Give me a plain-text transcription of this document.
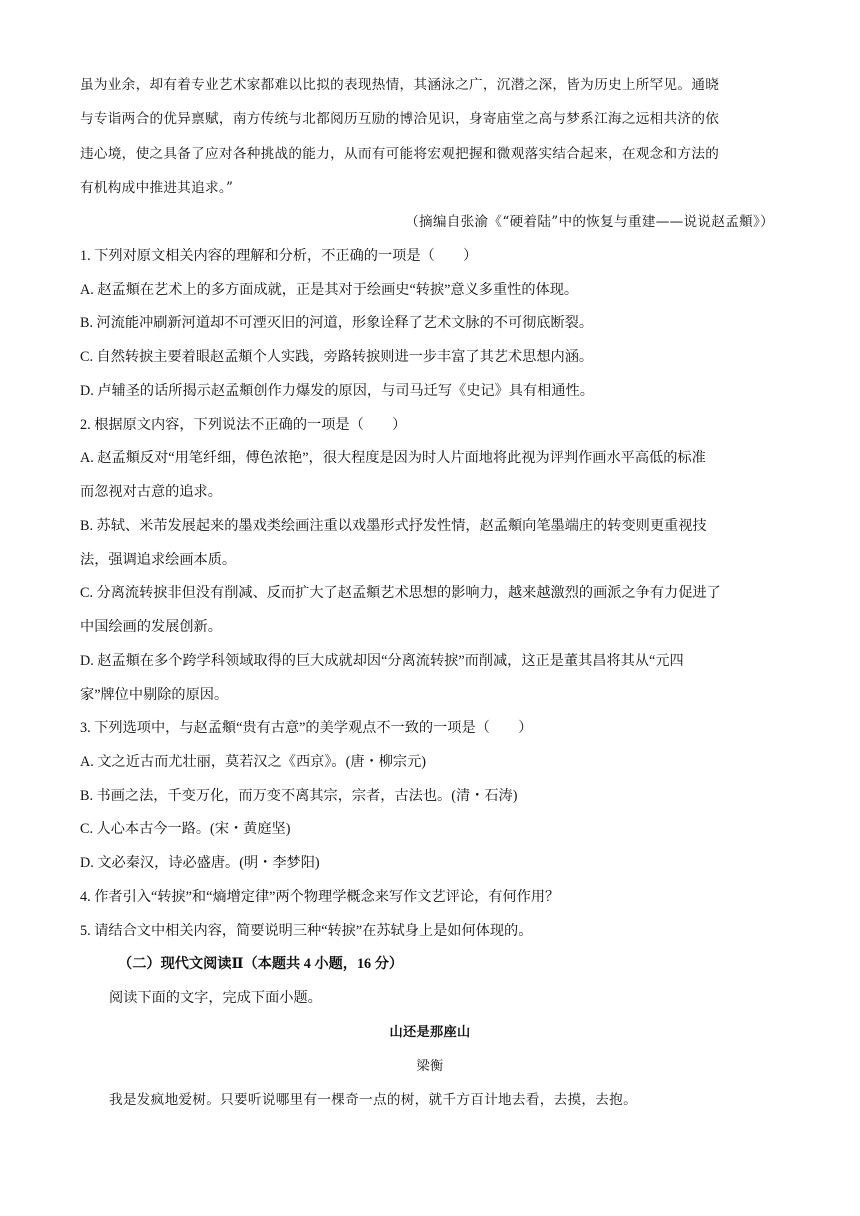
虽为业余，却有着专业艺术家都难以比拟的表现热情，其涵泳之广，沉潜之深，皆为历史上所罕见。通晓
与专诣两合的优异禀赋，南方传统与北都阅历互励的博洽见识，身寄庙堂之高与梦系江海之远相共济的依
违心境，使之具备了应对各种挑战的能力，从而有可能将宏观把握和微观落实结合起来，在观念和方法的
有机构成中推进其追求。”
（摘编自张渝《“硬着陆”中的恢复与重建——说说赵孟頫》）
1. 下列对原文相关内容的理解和分析，不正确的一项是（　　）
A. 赵孟頫在艺术上的多方面成就，正是其对于绘画史“转捩”意义多重性的体现。
B. 河流能冲刷新河道却不可湮灭旧的河道，形象诠释了艺术文脉的不可彻底断裂。
C. 自然转捩主要着眼赵孟頫个人实践，旁路转捩则进一步丰富了其艺术思想内涵。
D. 卢辅圣的话所揭示赵孟頫创作力爆发的原因，与司马迁写《史记》具有相通性。
2. 根据原文内容，下列说法不正确的一项是（　　）
A. 赵孟頫反对“用笔纤细，傅色浓艳”，很大程度是因为时人片面地将此视为评判作画水平高低的标准
而忽视对古意的追求。
B. 苏轼、米芾发展起来的墨戏类绘画注重以戏墨形式抒发性情，赵孟頫向笔墨端庄的转变则更重视技
法，强调追求绘画本质。
C. 分离流转捩非但没有削减、反而扩大了赵孟頫艺术思想的影响力，越来越激烈的画派之争有力促进了
中国绘画的发展创新。
D. 赵孟頫在多个跨学科领域取得的巨大成就却因“分离流转捩”而削减，这正是董其昌将其从“元四
家”牌位中剔除的原因。
3. 下列选项中，与赵孟頫“贵有古意”的美学观点不一致的一项是（　　）
A. 文之近古而尤壮丽，莫若汉之《西京》。(唐・柳宗元)
B. 书画之法，千变万化，而万变不离其宗，宗者，古法也。(清・石涛)
C. 人心本古今一路。(宋・黄庭坚)
D. 文必秦汉，诗必盛唐。(明・李梦阳)
4. 作者引入“转捩”和“熵增定律”两个物理学概念来写作文艺评论，有何作用？
5. 请结合文中相关内容，简要说明三种“转捩”在苏轼身上是如何体现的。
（二）现代文阅读Ⅱ（本题共 4 小题，16 分）
阅读下面的文字，完成下面小题。
山还是那座山
梁衡
我是发疯地爱树。只要听说哪里有一棵奇一点的树，就千方百计地去看，去摸，去抱。
